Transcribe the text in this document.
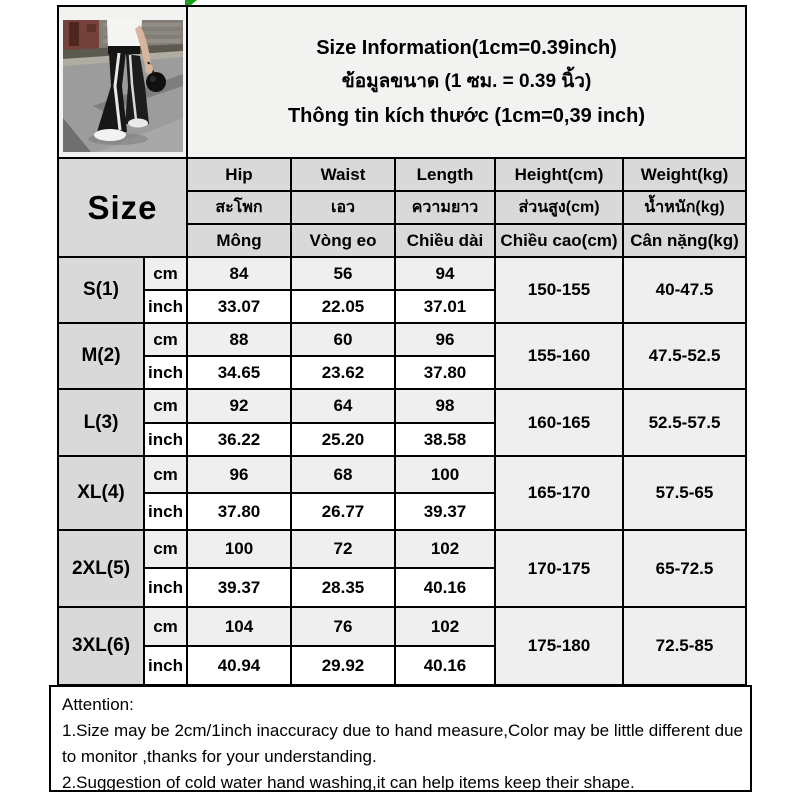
Size Information(1cm=0.39inch)
ข้อมูลขนาด (1 ซม. = 0.39 นิ้ว)
Thông tin kích thước (1cm=0,39 inch)				

Size		Hip	Waist	Length	Height(cm)	Weight(kg)
		สะโพก	เอว	ความยาว	ส่วนสูง(cm)	น้ำหนัก(kg)
		Mông	Vòng eo	Chiều dài	Chiều cao(cm)	Cân nặng(kg)
S(1)	cm	84	56	94	150-155	40-47.5
	inch	33.07	22.05	37.01		
M(2)	cm	88	60	96	155-160	47.5-52.5
	inch	34.65	23.62	37.80		
L(3)	cm	92	64	98	160-165	52.5-57.5
	inch	36.22	25.20	38.58		
XL(4)	cm	96	68	100	165-170	57.5-65
	inch	37.80	26.77	39.37		
2XL(5)	cm	100	72	102	170-175	65-72.5
	inch	39.37	28.35	40.16		
3XL(6)	cm	104	76	102	175-180	72.5-85
	inch	40.94	29.92	40.16		
Attention:
1.Size may be 2cm/1inch inaccuracy due to hand measure,Color may be little different due to monitor ,thanks for your understanding.
2.Suggestion of cold water hand washing,it can help items keep their shape.
